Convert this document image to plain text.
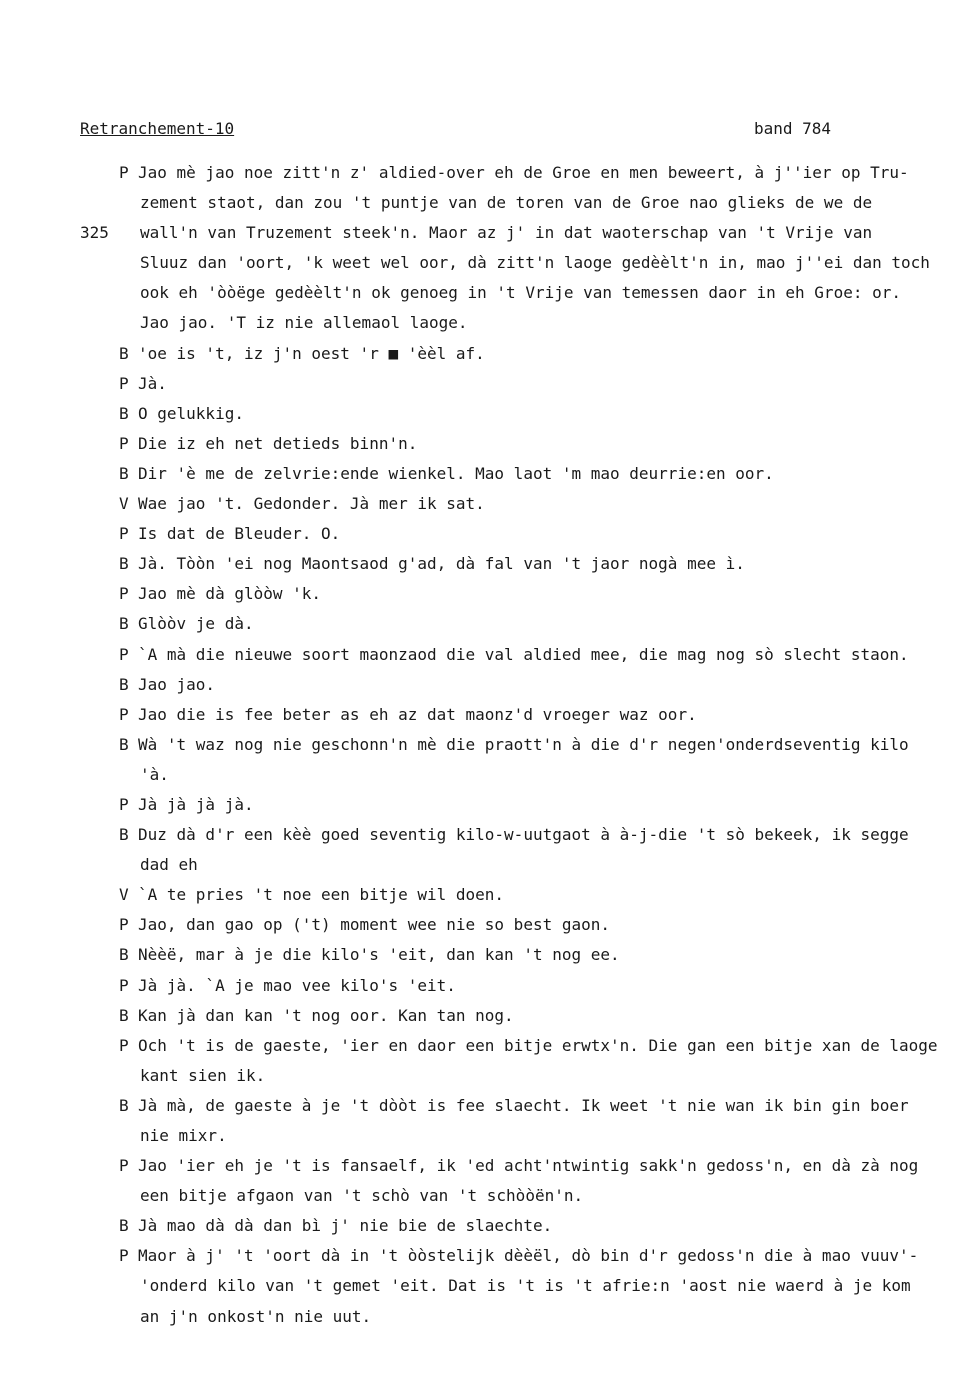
Retranchement-10	band 784
P Jao mè jao noe zitt'n z' aldied-over eh de Groe en men beweert, à j''ier op Tru-
zement staot, dan zou 't puntje van de toren van de Groe nao glieks de we de
325 wall'n van Truzement steek'n. Maor az j' in dat waoterschap van 't Vrije van
Sluuz dan 'oort, 'k weet wel oor, dà zitt'n laoge gedèèlt'n in, mao j''ei dan toch
ook eh 'òòëge gedèèlt'n ok genoeg in 't Vrije van temessen daor in eh Groe: or.
Jao jao. 'T iz nie allemaol laoge.
B 'oe is 't, iz j'n oest 'r ■ 'èèl af.
P Jà.
B O gelukkig.
P Die iz eh net detieds binn'n.
B Dir 'è me de zelvrie:ende wienkel. Mao laot 'm mao deurrie:en oor.
V Wae jao 't. Gedonder. Jà mer ik sat.
P Is dat de Bleuder. O.
B Jà. Tòòn 'ei nog Maontsaod g'ad, dà fal van 't jaor nogà mee ì.
P Jao mè dà glòòw 'k.
B Glòòv je dà.
P `A mà die nieuwe soort maonzaod die val aldied mee, die mag nog sò slecht staon.
B Jao jao.
P Jao die is fee beter as eh az dat maonz'd vroeger waz oor.
B Wà 't waz nog nie geschonn'n mè die praott'n à die d'r negen'onderdseventig kilo
'à.
P Jà jà jà jà.
B Duz dà d'r een kèè goed seventig kilo-w-uutgaot à à-j-die 't sò bekeek, ik segge
dad eh
V `A te pries 't noe een bitje wil doen.
P Jao, dan gao op ('t) moment wee nie so best gaon.
B Nèèë, mar à je die kilo's 'eit, dan kan 't nog ee.
P Jà jà. `A je mao vee kilo's 'eit.
B Kan jà dan kan 't nog oor. Kan tan nog.
P Och 't is de gaeste, 'ier en daor een bitje erwtx'n. Die gan een bitje xan de laoge
kant sien ik.
B Jà mà, de gaeste à je 't dòòt is fee slaecht. Ik weet 't nie wan ik bin gin boer
nie mixr.
P Jao 'ier eh je 't is fansaelf, ik 'ed acht'ntwintig sakk'n gedoss'n, en dà zà nog
een bitje afgaon van 't schò van 't schòòën'n.
B Jà mao dà dà dan bì j' nie bie de slaechte.
P Maor à j' 't 'oort dà in 't òòstelijk dèèël, dò bin d'r gedoss'n die à mao vuuv'-
'onderd kilo van 't gemet 'eit. Dat is 't is 't afrie:n 'aost nie waerd à je kom
an j'n onkost'n nie uut.
